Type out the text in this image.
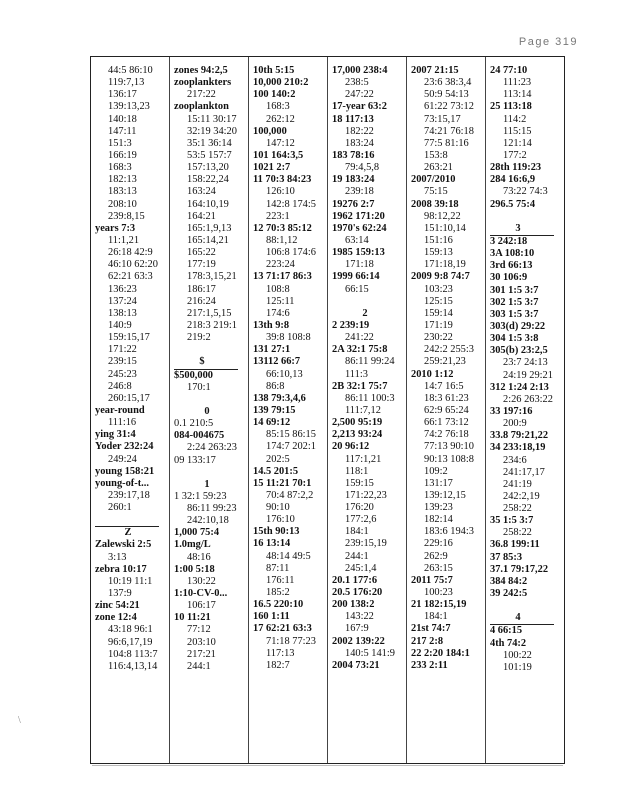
Page 319
\
44:5 86:10
119:7,13
136:17
139:13,23
140:18
147:11
151:3
166:19
168:3
182:13
183:13
208:10
239:8,15
years 7:3
11:1,21
26:18 42:9
46:10 62:20
62:21 63:3
136:23
137:24
138:13
140:9
159:15,17
171:22
239:15
245:23
246:8
260:15,17
year-round
111:16
ying 31:4
Yoder 232:24
249:24
young 158:21
young-of-t...
239:17,18
260:1
Z
Zalewski 2:5
3:13
zebra 10:17
10:19 11:1
137:9
zinc 54:21
zone 12:4
43:18 96:1
96:6,17,19
104:8 113:7
116:4,13,14
zones 94:2,5
zooplankters
217:22
zooplankton
15:11 30:17
32:19 34:20
35:1 36:14
53:5 157:7
157:13,20
158:22,24
163:24
164:10,19
164:21
165:1,9,13
165:14,21
165:22
177:19
178:3,15,21
186:17
216:24
217:1,5,15
218:3 219:1
219:2
$
$500,000
170:1
0
0.1 210:5
084-004675
2:24 263:23
09 133:17
1
1 32:1 59:23
86:11 99:23
242:10,18
1,000 75:4
1.0mg/L
48:16
1:00 5:18
130:22
1:10-CV-0...
106:17
10 11:21
77:12
203:10
217:21
244:1
10th 5:15
10,000 210:2
100 140:2
168:3
262:12
100,000
147:12
101 164:3,5
1021 2:7
11 70:3 84:23
126:10
142:8 174:5
223:1
12 70:3 85:12
88:1,12
106:8 174:6
223:24
13 71:17 86:3
108:8
125:11
174:6
13th 9:8
39:8 108:8
131 27:1
13112 66:7
66:10,13
86:8
138 79:3,4,6
139 79:15
14 69:12
85:15 86:15
174:7 202:1
202:5
14.5 201:5
15 11:21 70:1
70:4 87:2,2
90:10
176:10
15th 90:13
16 13:14
48:14 49:5
87:11
176:11
185:2
16.5 220:10
160 1:11
17 62:21 63:3
71:18 77:23
117:13
182:7
17,000 238:4
238:5
247:22
17-year 63:2
18 117:13
182:22
183:24
183 78:16
79:4,5,8
19 183:24
239:18
19276 2:7
1962 171:20
1970's 62:24
63:14
1985 159:13
171:18
1999 66:14
66:15
2
2 239:19
241:22
2A 32:1 75:8
86:11 99:24
111:3
2B 32:1 75:7
86:11 100:3
111:7,12
2,500 95:19
2,213 93:24
20 96:12
117:1,21
118:1
159:15
171:22,23
176:20
177:2,6
184:1
239:15,19
244:1
245:1,4
20.1 177:6
20.5 176:20
200 138:2
143:22
167:9
2002 139:22
140:5 141:9
2004 73:21
2007 21:15
23:6 38:3,4
50:9 54:13
61:22 73:12
73:15,17
74:21 76:18
77:5 81:16
153:8
263:21
2007/2010
75:15
2008 39:18
98:12,22
151:10,14
151:16
159:13
171:18,19
2009 9:8 74:7
103:23
125:15
159:14
171:19
230:22
242:2 255:3
259:21,23
2010 1:12
14:7 16:5
18:3 61:23
62:9 65:24
66:1 73:12
74:2 76:18
77:13 90:10
90:13 108:8
109:2
131:17
139:12,15
139:23
182:14
183:6 194:3
229:16
262:9
263:15
2011 75:7
100:23
21 182:15,19
184:1
21st 74:7
217 2:8
22 2:20 184:1
233 2:11
24 77:10
111:23
113:14
25 113:18
114:2
115:15
121:14
177:2
28th 119:23
284 16:6,9
73:22 74:3
296.5 75:4
3
3 242:18
3A 108:10
3rd 66:13
30 106:9
301 1:5 3:7
302 1:5 3:7
303 1:5 3:7
303(d) 29:22
304 1:5 3:8
305(b) 23:2,5
23:7 24:13
24:19 29:21
312 1:24 2:13
2:26 263:22
33 197:16
200:9
33.8 79:21,22
34 233:18,19
234:6
241:17,17
241:19
242:2,19
258:22
35 1:5 3:7
258:22
36.8 199:11
37 85:3
37.1 79:17,22
384 84:2
39 242:5
4
4 66:15
4th 74:2
100:22
101:19
